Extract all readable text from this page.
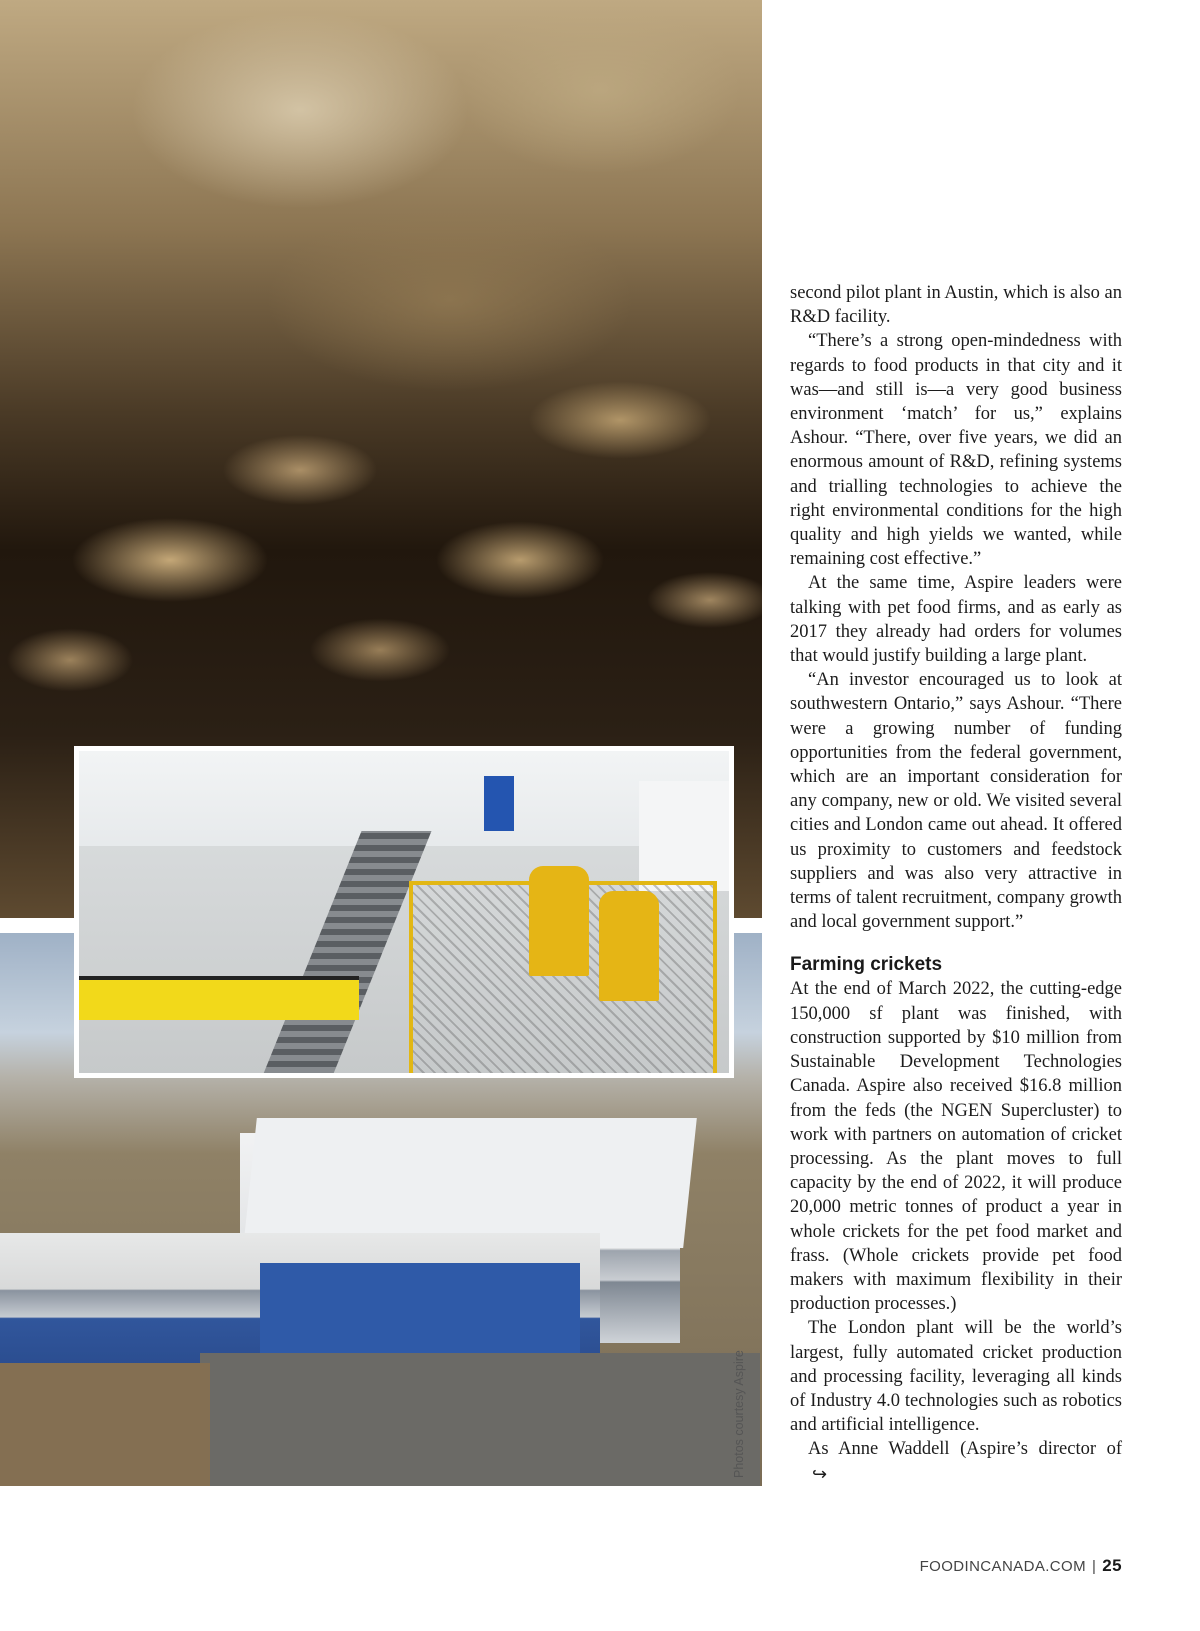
Photos courtesy Aspire

second pilot plant in Austin, which is also an R&D facility.

“There’s a strong open-mindedness with regards to food products in that city and it was—and still is—a very good business environment ‘match’ for us,” explains Ashour. “There, over five years, we did an enormous amount of R&D, refining systems and trialling technologies to achieve the right environmental conditions for the high quality and high yields we wanted, while remaining cost effective.”

At the same time, Aspire leaders were talking with pet food firms, and as early as 2017 they already had orders for volumes that would justify building a large plant.

“An investor encouraged us to look at southwestern Ontario,” says Ashour. “There were a growing number of funding opportunities from the federal government, which are an important consideration for any company, new or old. We visited several cities and London came out ahead. It offered us proximity to customers and feedstock suppliers and was also very attractive in terms of talent recruitment, company growth and local government support.”

Farming crickets

At the end of March 2022, the cutting-edge 150,000 sf plant was finished, with construction supported by $10 million from Sustainable Development Technologies Canada. Aspire also received $16.8 million from the feds (the NGEN Supercluster) to work with partners on automation of cricket processing. As the plant moves to full capacity by the end of 2022, it will produce 20,000 metric tonnes of product a year in whole crickets for the pet food market and frass. (Whole crickets provide pet food makers with maximum flexibility in their production processes.)

The London plant will be the world’s largest, fully automated cricket production and processing facility, leveraging all kinds of Industry 4.0 technologies such as robotics and artificial intelligence.

As Anne Waddell (Aspire’s director of↪

FOODINCANADA.COM | 25
